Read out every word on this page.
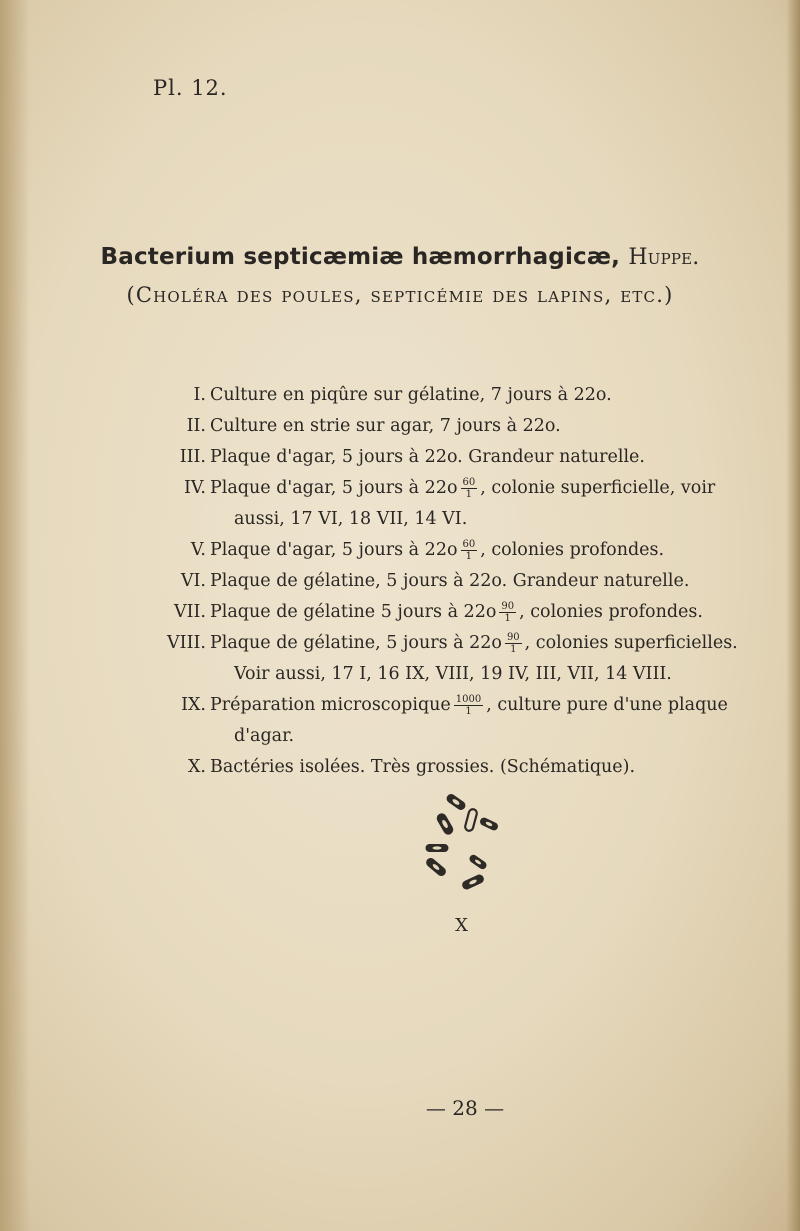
Pl. 12.
Bacterium septicæmiæ hæmorrhagicæ, Huppe.
(Choléra des poules, septicémie des lapins, etc.)
I. Culture en piqûre sur gélatine, 7 jours à 22o.
II. Culture en strie sur agar, 7 jours à 22o.
III. Plaque d'agar, 5 jours à 22o. Grandeur naturelle.
IV. Plaque d'agar, 5 jours à $22o \frac{60}{1}$ , colonie superficielle, voir
aussi, 17 VI, 18 VII, 14 VI.
V. Plaque d'agar, 5 jours à $22o \frac{60}{1}$ , colonies profondes.
VI. Plaque de gélatine, 5 jours à 22o. Grandeur naturelle.
VII. Plaque de gélatine 5 jours à $22o \frac{90}{1}$ , colonies profondes.
VIII. Plaque de gélatine, 5 jours à $22o \frac{90}{1}$ , colonies superficielles.
Voir aussi, 17 I, 16 IX, VIII, 19 IV, III, VII, 14 VIII.
IX. Préparation microscopique $\frac{1000}{1}$ , culture pure d'une plaque
d'agar.
X. Bactéries isolées. Très grossies. (Schématique).
X
— 28 —
